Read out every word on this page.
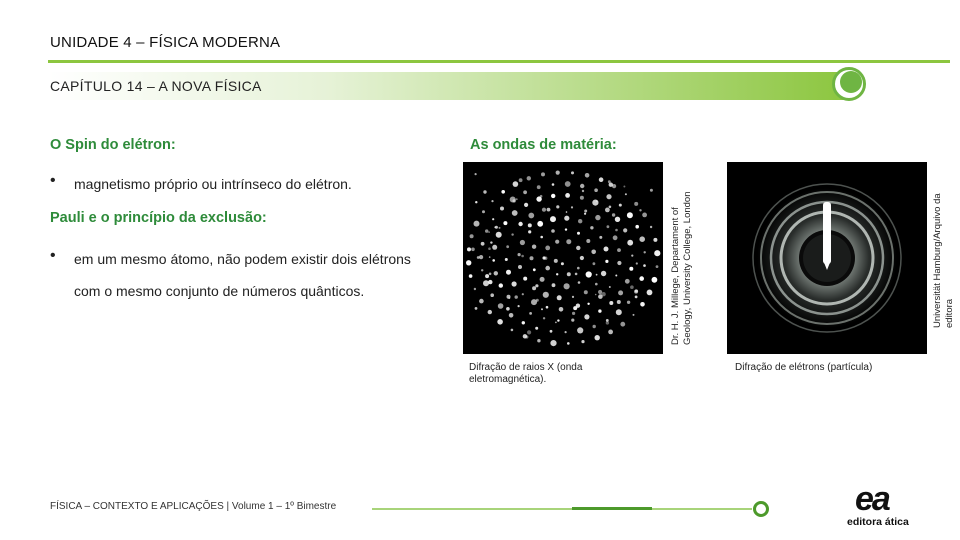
UNIDADE 4 – FÍSICA MODERNA
CAPÍTULO 14 – A NOVA FÍSICA
O Spin do elétron:
• magnetismo próprio ou intrínseco do elétron.
Pauli e o princípio da exclusão:
• em um mesmo átomo, não podem existir dois elétrons com o mesmo conjunto de números quânticos.
As ondas de matéria:
Dr. H. J. Millege, Departament of
Geology, University College, London
Difração de raios X (onda eletromagnética).
Universität Hamburg/Arquivo da
editora
Difração de elétrons (partícula)
FÍSICA – CONTEXTO E APLICAÇÕES | Volume 1 – 1º Bimestre	ea
editora ática
